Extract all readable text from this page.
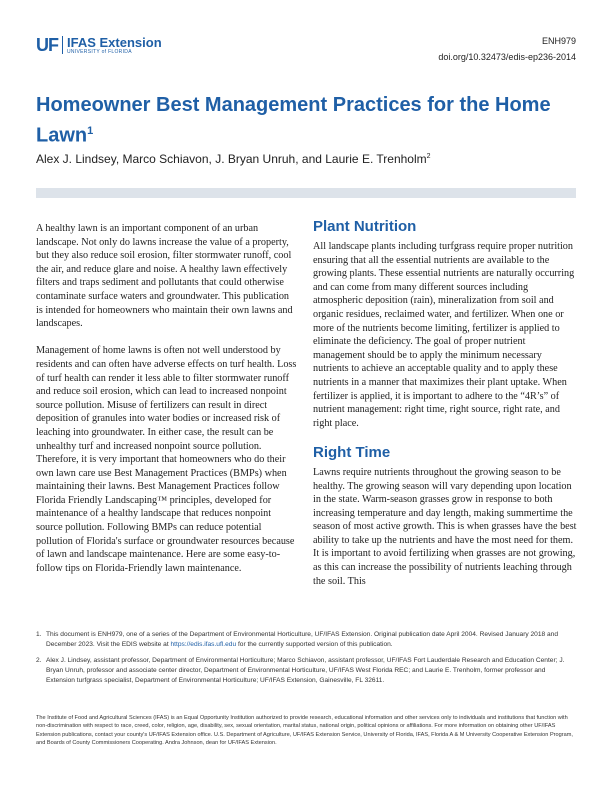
UF IFAS Extension
UNIVERSITY of FLORIDA
ENH979
doi.org/10.32473/edis-ep236-2014
Homeowner Best Management Practices for the Home Lawn$^1$
Alex J. Lindsey, Marco Schiavon, J. Bryan Unruh, and Laurie E. Trenholm$^2$

A healthy lawn is an important component of an urban landscape. Not only do lawns increase the value of a property, but they also reduce soil erosion, filter stormwater runoff, cool the air, and reduce glare and noise. A healthy lawn effectively filters and traps sediment and pollutants that could otherwise contaminate surface waters and groundwater. This publication is intended for homeowners who maintain their own lawns and landscapes.

Management of home lawns is often not well understood by residents and can often have adverse effects on turf health. Loss of turf health can render it less able to filter stormwater runoff and reduce soil erosion, which can lead to increased nonpoint source pollution. Misuse of fertilizers can result in direct deposition of granules into water bodies or increased risk of leaching into groundwater. In either case, the result can be unhealthy turf and increased nonpoint source pollution. Therefore, it is very important that homeowners who do their own lawn care use Best Management Practices (BMPs) when maintaining their lawns. Best Management Practices follow Florida Friendly Landscaping™ principles, developed for maintenance of a healthy landscape that reduces nonpoint source pollution. Following BMPs can reduce potential pollution of Florida's surface or groundwater resources because of lawn and landscape maintenance. Here are some easy-to-follow tips on Florida-Friendly lawn maintenance.

Plant Nutrition

All landscape plants including turfgrass require proper nutrition ensuring that all the essential nutrients are available to the growing plants. These essential nutrients are naturally occurring and can come from many different sources including atmospheric deposition (rain), mineralization from soil and organic residues, reclaimed water, and fertilizer. When one or more of the nutrients become limiting, fertilizer is applied to eliminate the deficiency. The goal of proper nutrient management should be to apply the minimum necessary nutrients to achieve an acceptable quality and to apply these nutrients in a manner that maximizes their plant uptake. When fertilizer is applied, it is important to adhere to the “4R’s” of nutrient management: right time, right source, right rate, and right place.

Right Time

Lawns require nutrients throughout the growing season to be healthy. The growing season will vary depending upon location in the state. Warm-season grasses grow in response to both increasing temperature and day length, making summertime the season of most active growth. This is when grasses have the best ability to take up the nutrients and have the most need for them. It is important to avoid fertilizing when grasses are not growing, as this can increase the possibility of nutrients leaching through the soil. This

1. This document is ENH979, one of a series of the Department of Environmental Horticulture, UF/IFAS Extension. Original publication date April 2004. Revised January 2018 and December 2023. Visit the EDIS website at https://edis.ifas.ufl.edu for the currently supported version of this publication.
2. Alex J. Lindsey, assistant professor, Department of Environmental Horticulture; Marco Schiavon, assistant professor, UF/IFAS Fort Lauderdale Research and Education Center; J. Bryan Unruh, professor and associate center director, Department of Environmental Horticulture, UF/IFAS West Florida REC; and Laurie E. Trenholm, former professor and Extension turfgrass specialist, Department of Environmental Horticulture; UF/IFAS Extension, Gainesville, FL 32611.
The Institute of Food and Agricultural Sciences (IFAS) is an Equal Opportunity Institution authorized to provide research, educational information and other services only to individuals and institutions that function with non-discrimination with respect to race, creed, color, religion, age, disability, sex, sexual orientation, marital status, national origin, political opinions or affiliations. For more information on obtaining other UF/IFAS Extension publications, contact your county's UF/IFAS Extension office. U.S. Department of Agriculture, UF/IFAS Extension Service, University of Florida, IFAS, Florida A & M University Cooperative Extension Program, and Boards of County Commissioners Cooperating. Andra Johnson, dean for UF/IFAS Extension.
